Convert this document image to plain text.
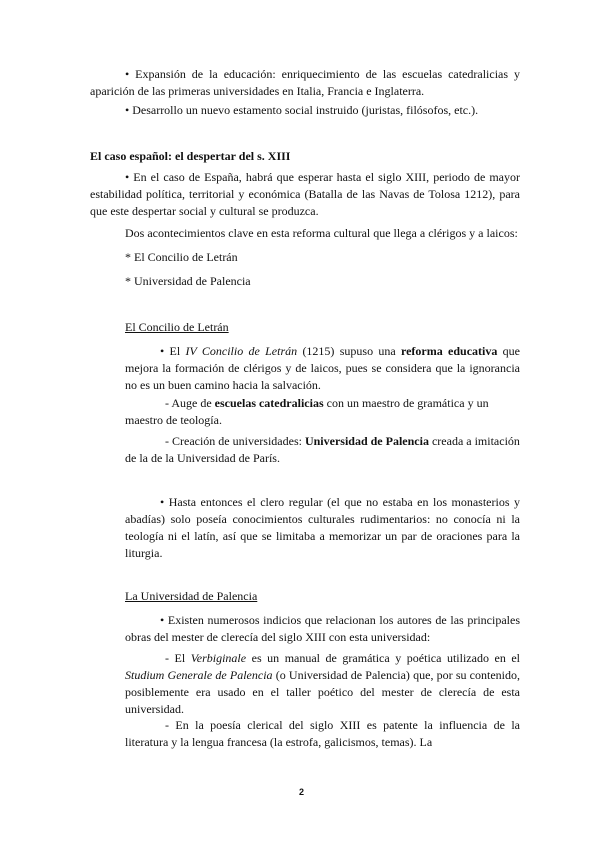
• Expansión de la educación: enriquecimiento de las escuelas catedralicias y aparición de las primeras universidades en Italia, Francia e Inglaterra.

• Desarrollo un nuevo estamento social instruido (juristas, filósofos, etc.).

El caso español: el despertar del s. XIII

• En el caso de España, habrá que esperar hasta el siglo XIII, periodo de mayor estabilidad política, territorial y económica (Batalla de las Navas de Tolosa 1212), para que este despertar social y cultural se produzca.

Dos acontecimientos clave en esta reforma cultural que llega a clérigos y a laicos:

* El Concilio de Letrán

* Universidad de Palencia

El Concilio de Letrán

• El IV Concilio de Letrán (1215) supuso una reforma educativa que mejora la formación de clérigos y de laicos, pues se considera que la ignorancia no es un buen camino hacia la salvación.

- Auge de escuelas catedralicias con un maestro de gramática y un maestro de teología.

- Creación de universidades: Universidad de Palencia creada a imitación de la de la Universidad de París.

• Hasta entonces el clero regular (el que no estaba en los monasterios y abadías) solo poseía conocimientos culturales rudimentarios: no conocía ni la teología ni el latín, así que se limitaba a memorizar un par de oraciones para la liturgia.

La Universidad de Palencia

• Existen numerosos indicios que relacionan los autores de las principales obras del mester de clerecía del siglo XIII con esta universidad:

- El Verbiginale es un manual de gramática y poética utilizado en el Studium Generale de Palencia (o Universidad de Palencia) que, por su contenido, posiblemente era usado en el taller poético del mester de clerecía de esta universidad.

- En la poesía clerical del siglo XIII es patente la influencia de la literatura y la lengua francesa (la estrofa, galicismos, temas). La

2
